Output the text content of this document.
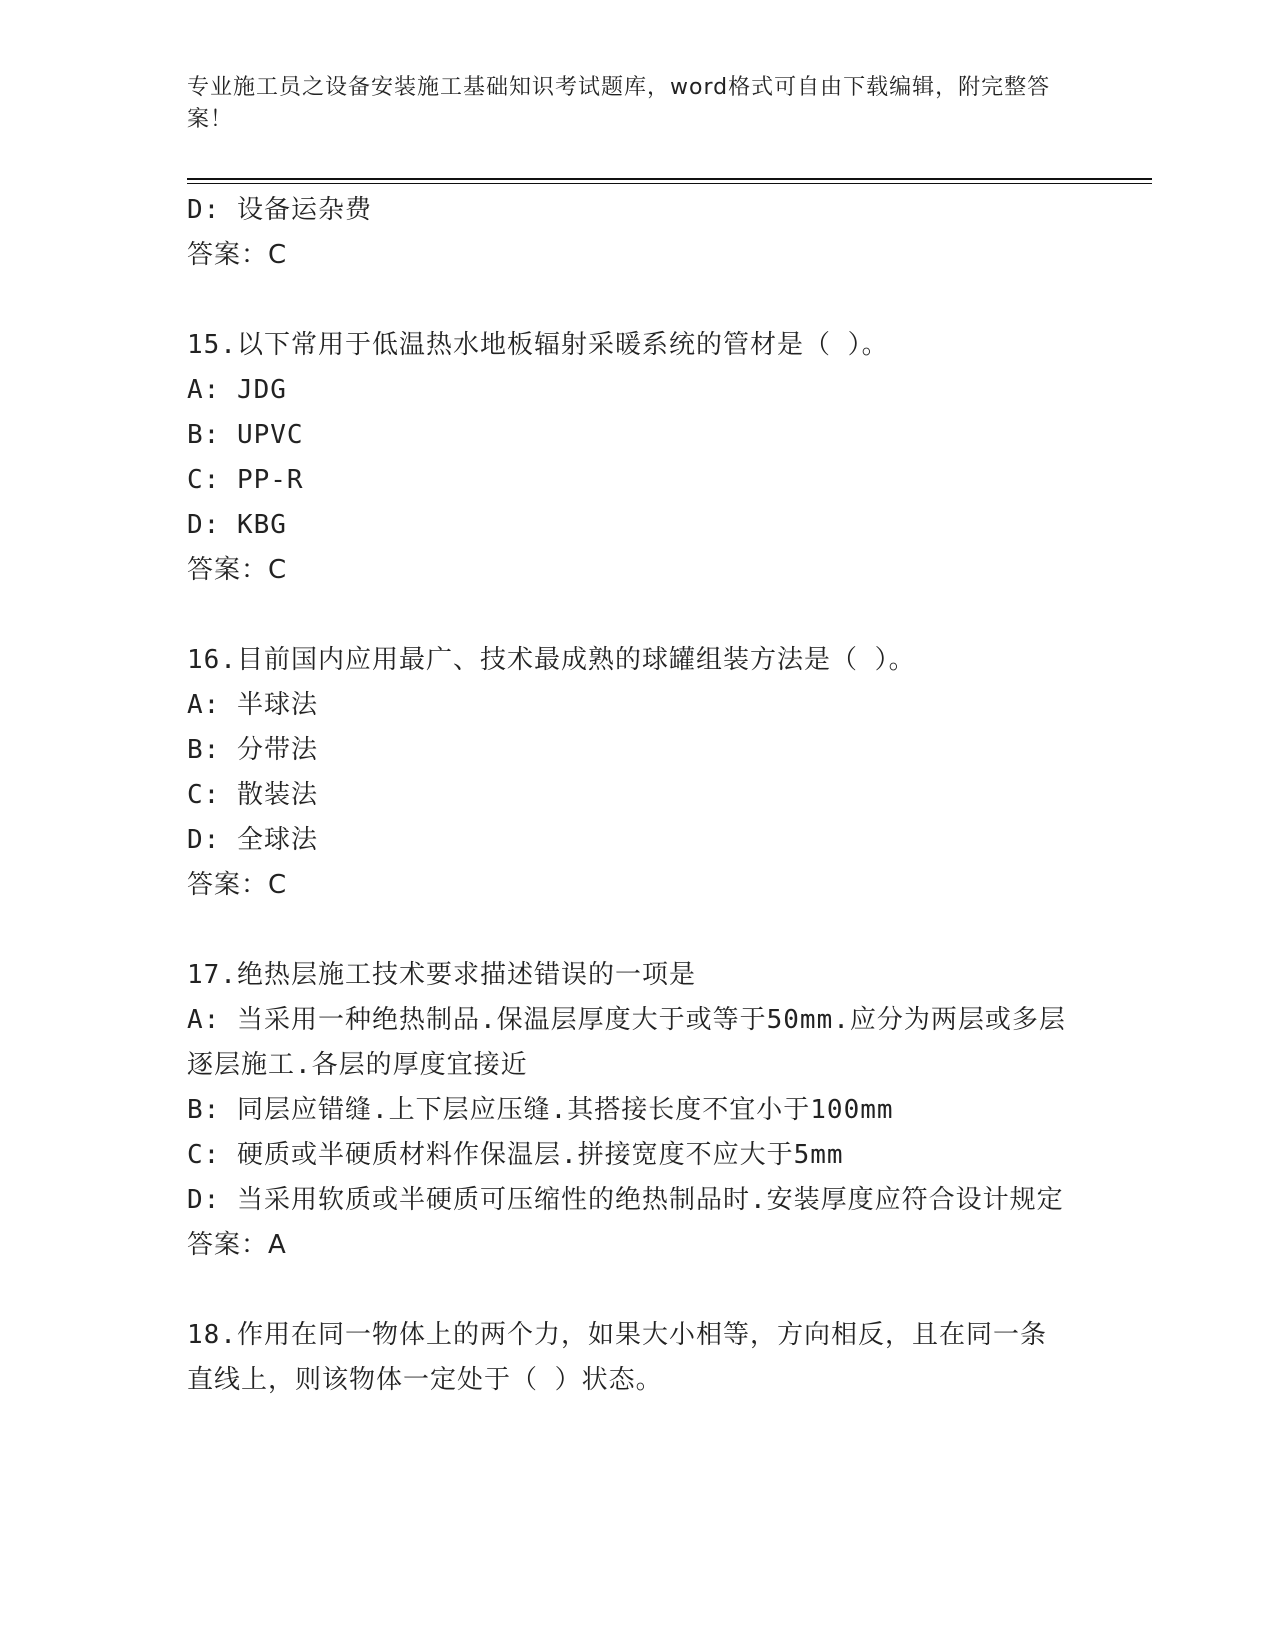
专业施工员之设备安装施工基础知识考试题库，word格式可自由下载编辑，附完整答案！
D: 设备运杂费
答案：C
15.以下常用于低温热水地板辐射采暖系统的管材是（ ）。
A: JDG
B: UPVC
C: PP-R
D: KBG
答案：C
16.目前国内应用最广、技术最成熟的球罐组装方法是（ ）。
A: 半球法
B: 分带法
C: 散装法
D: 全球法
答案：C
17.绝热层施工技术要求描述错误的一项是
A: 当采用一种绝热制品.保温层厚度大于或等于50mm.应分为两层或多层逐层施工.各层的厚度宜接近
B: 同层应错缝.上下层应压缝.其搭接长度不宜小于100mm
C: 硬质或半硬质材料作保温层.拼接宽度不应大于5mm
D: 当采用软质或半硬质可压缩性的绝热制品时.安装厚度应符合设计规定
答案：A
18.作用在同一物体上的两个力，如果大小相等，方向相反，且在同一条直线上，则该物体一定处于（ ）状态。
